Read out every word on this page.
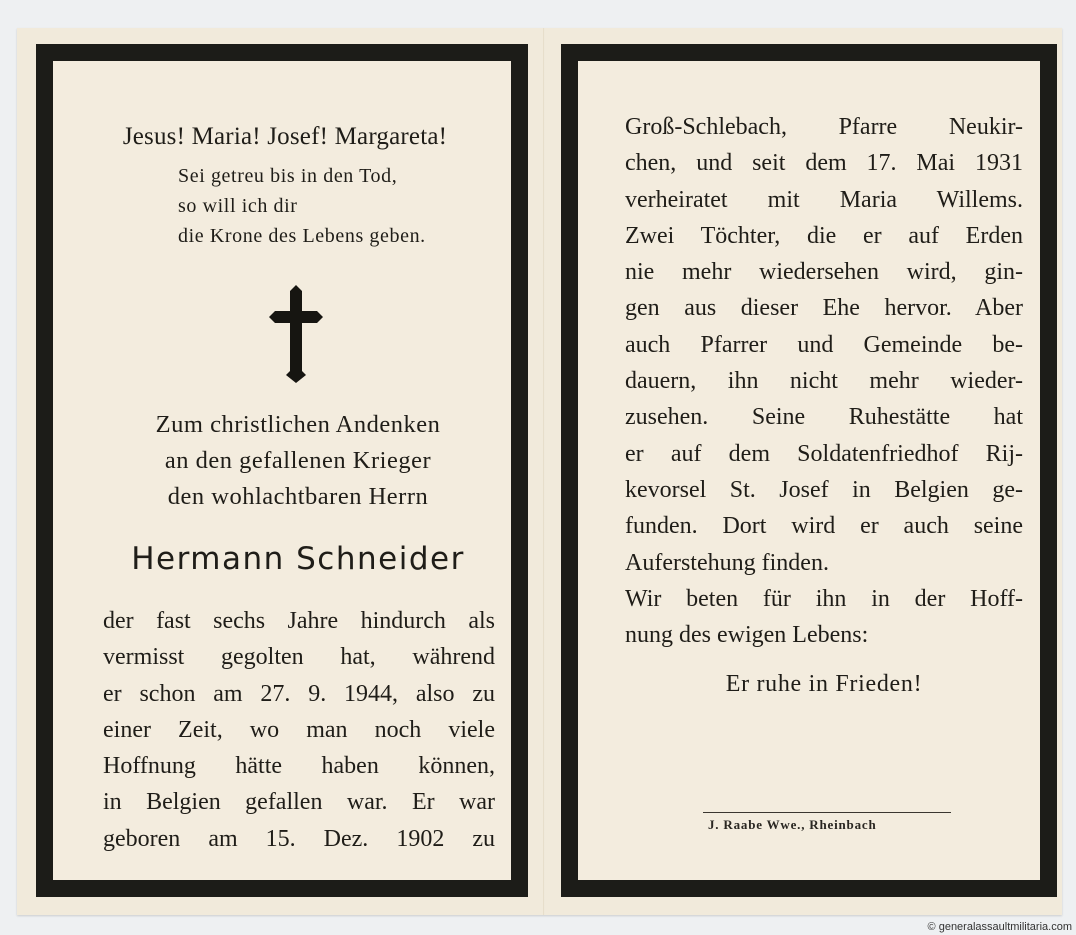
Jesus! Maria! Josef! Margareta!
Sei getreu bis in den Tod,
so will ich dir
die Krone des Lebens geben.
Zum christlichen Andenken
an den gefallenen Krieger
den wohlachtbaren Herrn
Hermann Schneider
der fast sechs Jahre hindurch als
vermisst gegolten hat, während
er schon am 27. 9. 1944, also zu
einer Zeit, wo man noch viele
Hoffnung hätte haben können,
in Belgien gefallen war. Er war
geboren am 15. Dez. 1902 zu
Groß-Schlebach, Pfarre Neukir-
chen, und seit dem 17. Mai 1931
verheiratet mit Maria Willems.
Zwei Töchter, die er auf Erden
nie mehr wiedersehen wird, gin-
gen aus dieser Ehe hervor. Aber
auch Pfarrer und Gemeinde be-
dauern, ihn nicht mehr wieder-
zusehen. Seine Ruhestätte hat
er auf dem Soldatenfriedhof Rij-
kevorsel St. Josef in Belgien ge-
funden. Dort wird er auch seine
Auferstehung finden.
Wir beten für ihn in der Hoff-
nung des ewigen Lebens:
Er ruhe in Frieden!
J. Raabe Wwe., Rheinbach
© generalassaultmilitaria.com
